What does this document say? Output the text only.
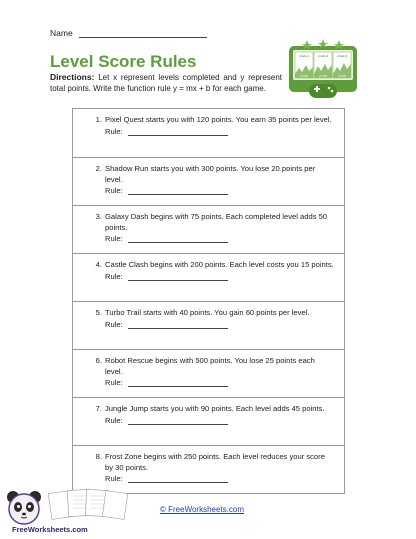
Name
Level Score Rules
Directions: Let x represent levels completed and y represent total points. Write the function rule y = mx + b for each game.
x=lvls 1	x=lvls 2	x=lvls 3
y=100	y=150	y=200
1. Pixel Quest starts you with 120 points. You earn 35 points per level.
Rule:
2. Shadow Run starts you with 300 points. You lose 20 points per level.
Rule:
3. Galaxy Dash begins with 75 points. Each completed level adds 50 points.
Rule:
4. Castle Clash begins with 200 points. Each level costs you 15 points.
Rule:
5. Turbo Trail starts with 40 points. You gain 60 points per level.
Rule:
6. Robot Rescue begins with 500 points. You lose 25 points each level.
Rule:
7. Jungle Jump starts you with 90 points. Each level adds 45 points.
Rule:
8. Frost Zone begins with 250 points. Each level reduces your score by 30 points.
Rule:
FreeWorksheets.com
© FreeWorksheets.com
